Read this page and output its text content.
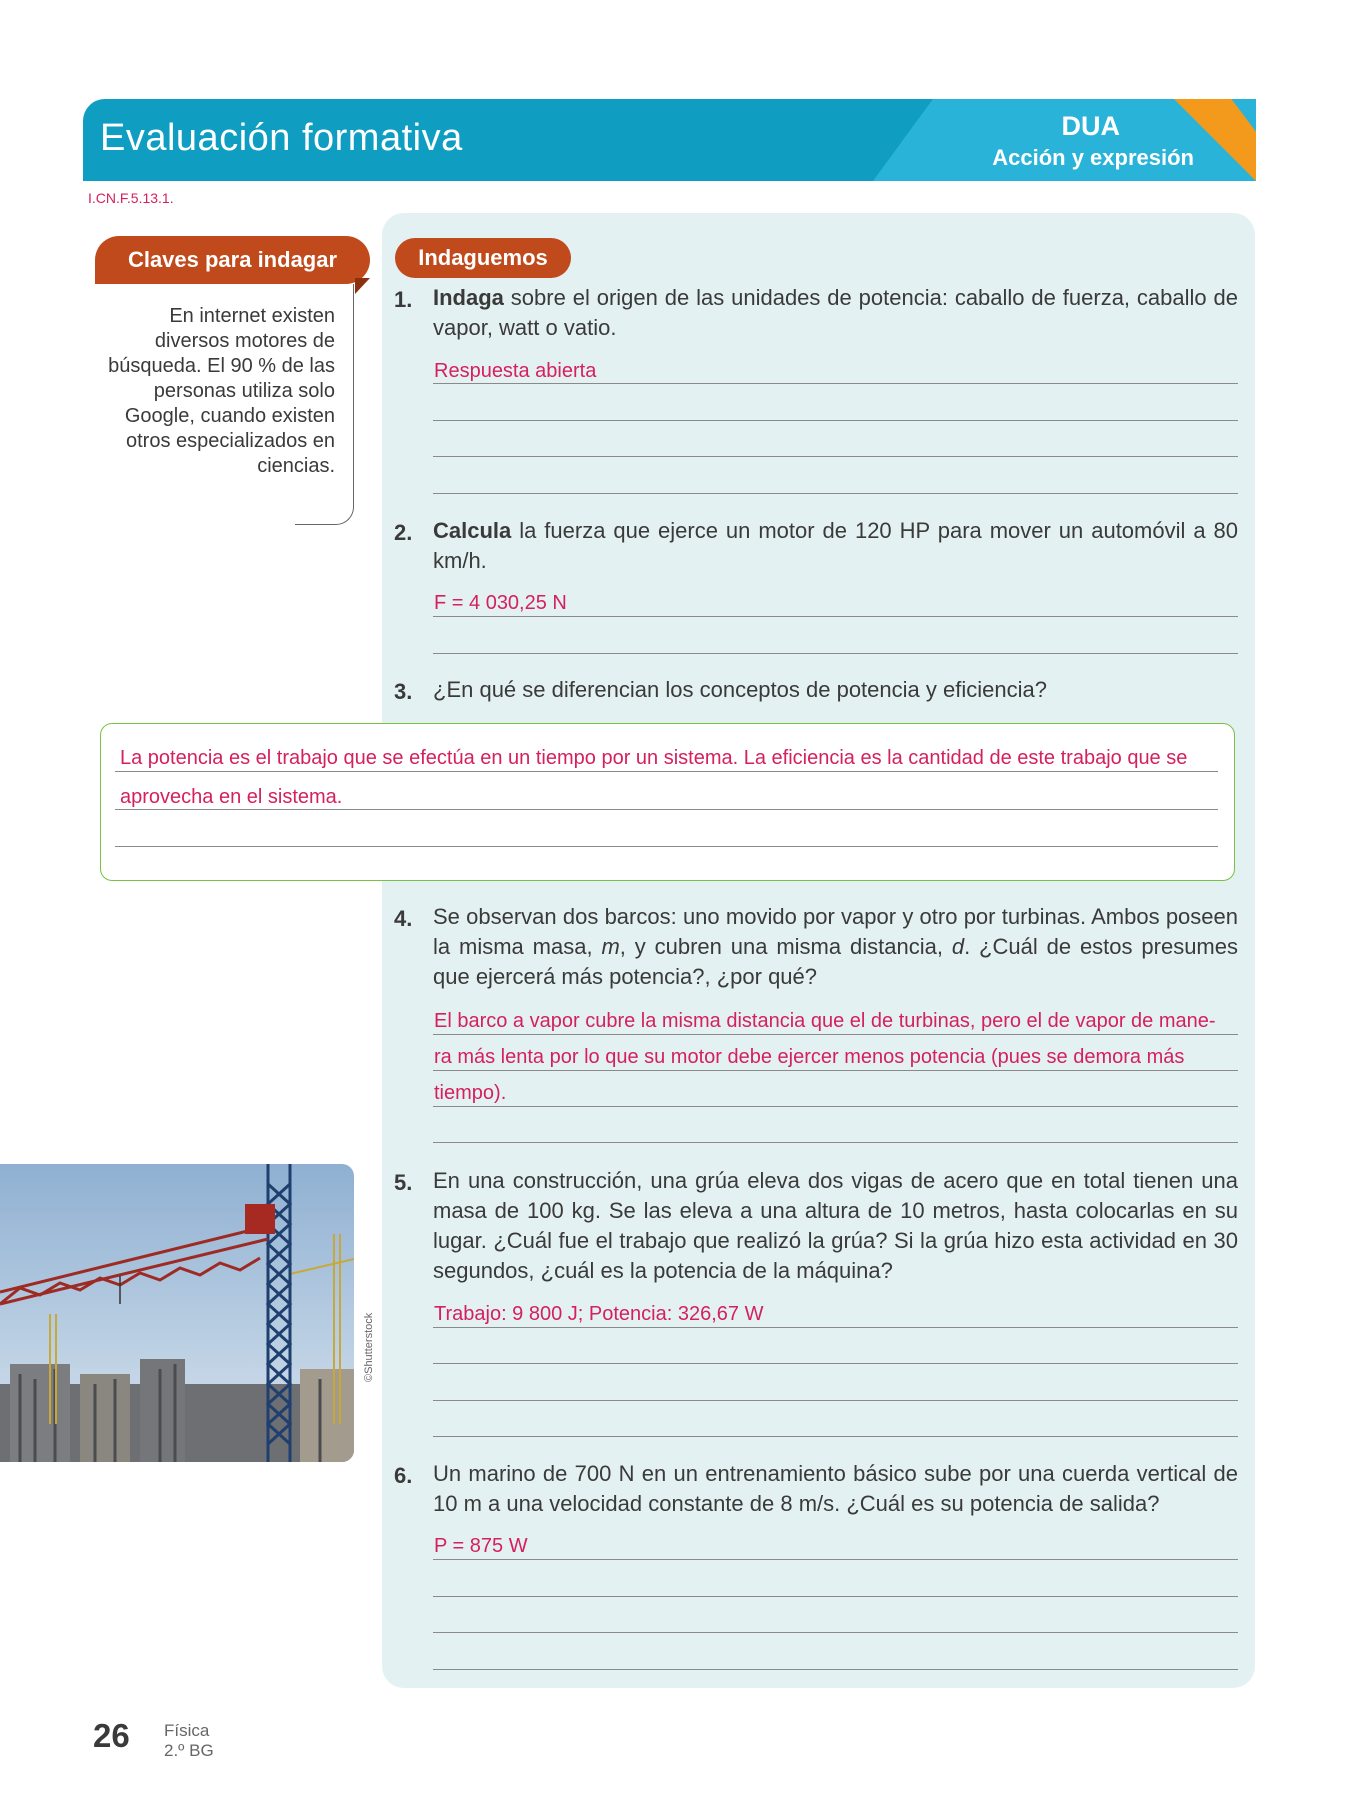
Evaluación formativa	DUA
Acción y expresión
I.CN.F.5.13.1.
Claves para indagar
En internet existen diversos motores de búsqueda. El 90 % de las personas utiliza solo Google, cuando existen otros especializados en ciencias.
Indaguemos
1. Indaga sobre el origen de las unidades de potencia: caballo de fuerza, caballo de vapor, watt o vatio.
Respuesta abierta
2. Calcula la fuerza que ejerce un motor de 120 HP para mover un automóvil a 80 km/h.
F = 4 030,25 N
3. ¿En qué se diferencian los conceptos de potencia y eficiencia?
La potencia es el trabajo que se efectúa en un tiempo por un sistema. La eficiencia es la cantidad de este trabajo que se
aprovecha en el sistema.
4. Se observan dos barcos: uno movido por vapor y otro por turbinas. Ambos poseen la misma masa, m, y cubren una misma distancia, d. ¿Cuál de estos presumes que ejercerá más potencia?, ¿por qué?
El barco a vapor cubre la misma distancia que el de turbinas, pero el de vapor de mane-
ra más lenta por lo que su motor debe ejercer menos potencia (pues se demora más
tiempo).
©Shutterstock
5. En una construcción, una grúa eleva dos vigas de acero que en total tienen una masa de 100 kg. Se las eleva a una altura de 10 metros, hasta colocarlas en su lugar. ¿Cuál fue el trabajo que realizó la grúa? Si la grúa hizo esta actividad en 30 segundos, ¿cuál es la potencia de la máquina?
Trabajo: 9 800 J; Potencia: 326,67 W
6. Un marino de 700 N en un entrenamiento básico sube por una cuerda vertical de 10 m a una velocidad constante de 8 m/s. ¿Cuál es su potencia de salida?
P = 875 W
26 Física
2.º BG
